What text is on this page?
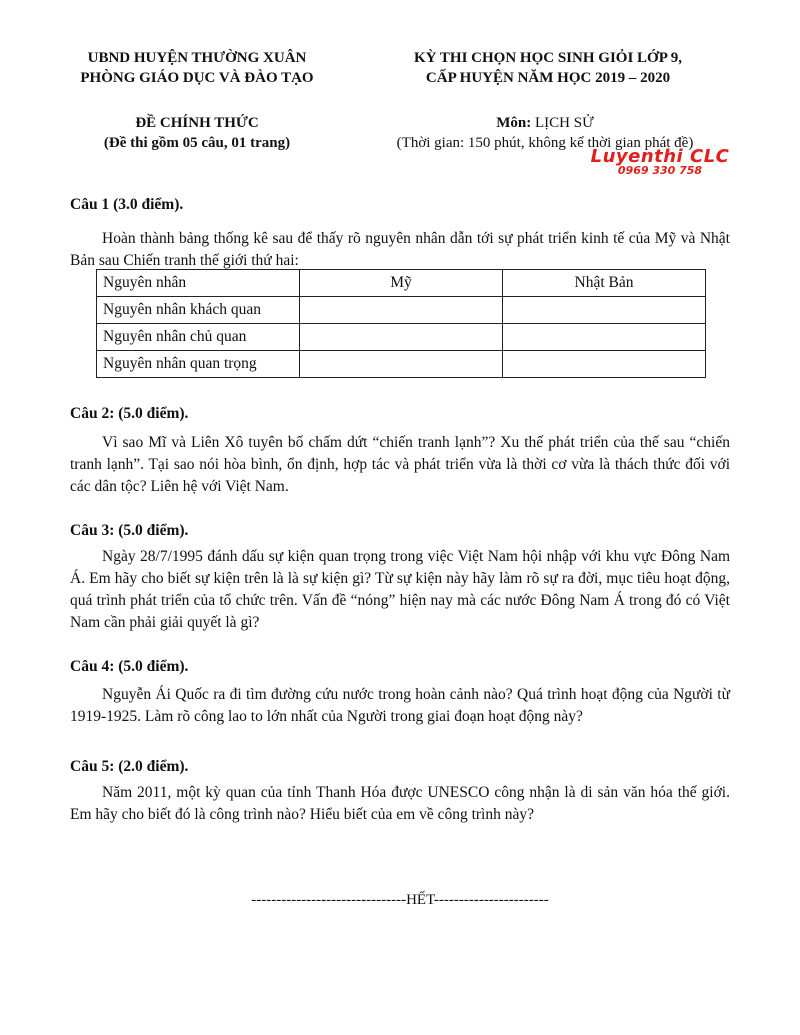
UBND HUYỆN THƯỜNG XUÂN
PHÒNG GIÁO DỤC VÀ ĐÀO TẠO
KỲ THI CHỌN HỌC SINH GIỎI LỚP 9,
CẤP HUYỆN NĂM HỌC 2019 – 2020
ĐỀ CHÍNH THỨC
(Đề thi gồm 05 câu, 01 trang)
Môn: LỊCH SỬ
(Thời gian: 150 phút, không kể thời gian phát đề)
Luyenthi CLC
0969 330 758
Câu 1 (3.0 điểm).
Hoàn thành bảng thống kê sau để thấy rõ nguyên nhân dẫn tới sự phát triển kinh tế của Mỹ và Nhật Bản sau Chiến tranh thế giới thứ hai:
Nguyên nhân	Mỹ	Nhật Bản
Nguyên nhân khách quan		
Nguyên nhân chủ quan		
Nguyên nhân quan trọng		
Câu 2: (5.0 điểm).
Vì sao Mĩ và Liên Xô tuyên bố chấm dứt “chiến tranh lạnh”? Xu thế phát triển của thế sau “chiến tranh lạnh”. Tại sao nói hòa bình, ổn định, hợp tác và phát triển vừa là thời cơ vừa là thách thức đối với các dân tộc? Liên hệ với Việt Nam.
Câu 3: (5.0 điểm).
Ngày 28/7/1995 đánh dấu sự kiện quan trọng trong việc Việt Nam hội nhập với khu vực Đông Nam Á. Em hãy cho biết sự kiện trên là là sự kiện gì? Từ sự kiện này hãy làm rõ sự ra đời, mục tiêu hoạt động, quá trình phát triển của tổ chức trên. Vấn đề “nóng” hiện nay mà các nước Đông Nam Á trong đó có Việt Nam cần phải giải quyết là gì?
Câu 4: (5.0 điểm).
Nguyễn Ái Quốc ra đi tìm đường cứu nước trong hoàn cảnh nào? Quá trình hoạt động của Người từ 1919-1925. Làm rõ công lao to lớn nhất của Người trong giai đoạn hoạt động này?
Câu 5: (2.0 điểm).
Năm 2011, một kỳ quan của tỉnh Thanh Hóa được UNESCO công nhận là di sản văn hóa thế giới. Em hãy cho biết đó là công trình nào? Hiểu biết của em về công trình này?
-------------------------------HẾT-----------------------
